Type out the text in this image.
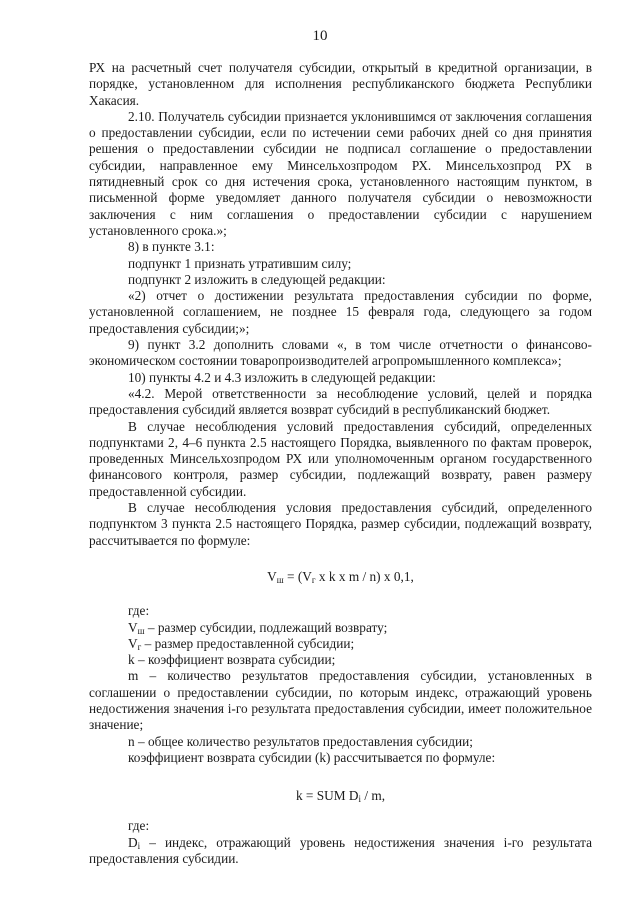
10

РХ на расчетный счет получателя субсидии, открытый в кредитной организации, в порядке, установленном для исполнения республиканского бюджета Республики Хакасия.

2.10. Получатель субсидии признается уклонившимся от заключения соглашения о предоставлении субсидии, если по истечении семи рабочих дней со дня принятия решения о предоставлении субсидии не подписал соглашение о предоставлении субсидии, направленное ему Минсельхозпродом РХ. Минсельхозпрод РХ в пятидневный срок со дня истечения срока, установленного настоящим пунктом, в письменной форме уведомляет данного получателя субсидии о невозможности заключения с ним соглашения о предоставлении субсидии с нарушением установленного срока.»;

8) в пункте 3.1:

подпункт 1 признать утратившим силу;

подпункт 2 изложить в следующей редакции:

«2) отчет о достижении результата предоставления субсидии по форме, установленной соглашением, не позднее 15 февраля года, следующего за годом предоставления субсидии;»;

9) пункт 3.2 дополнить словами «, в том числе отчетности о финансово-экономическом состоянии товаропроизводителей агропромышленного комплекса»;

10) пункты 4.2 и 4.3 изложить в следующей редакции:

«4.2. Мерой ответственности за несоблюдение условий, целей и порядка предоставления субсидий является возврат субсидий в республиканский бюджет.

В случае несоблюдения условий предоставления субсидий, определенных подпунктами 2, 4–6 пункта 2.5 настоящего Порядка, выявленного по фактам проверок, проведенных Минсельхозпродом РХ или уполномоченным органом государственного финансового контроля, размер субсидии, подлежащий возврату, равен размеру предоставленной субсидии.

В случае несоблюдения условия предоставления субсидий, определенного подпунктом 3 пункта 2.5 настоящего Порядка, размер субсидии, подлежащий возврату, рассчитывается по формуле:

$V_ш = (V_г$ x k x m / n) x 0,1,

где:

$V_ш$ – размер субсидии, подлежащий возврату;

$V_г$ – размер предоставленной субсидии;

k – коэффициент возврата субсидии;

m – количество результатов предоставления субсидии, установленных в соглашении о предоставлении субсидии, по которым индекс, отражающий уровень недостижения значения i-го результата предоставления субсидии, имеет положительное значение;

n – общее количество результатов предоставления субсидии;

коэффициент возврата субсидии (k) рассчитывается по формуле:

k = SUM $D_i$ / m,

где:

$D_i$ – индекс, отражающий уровень недостижения значения i-го результата предоставления субсидии.
